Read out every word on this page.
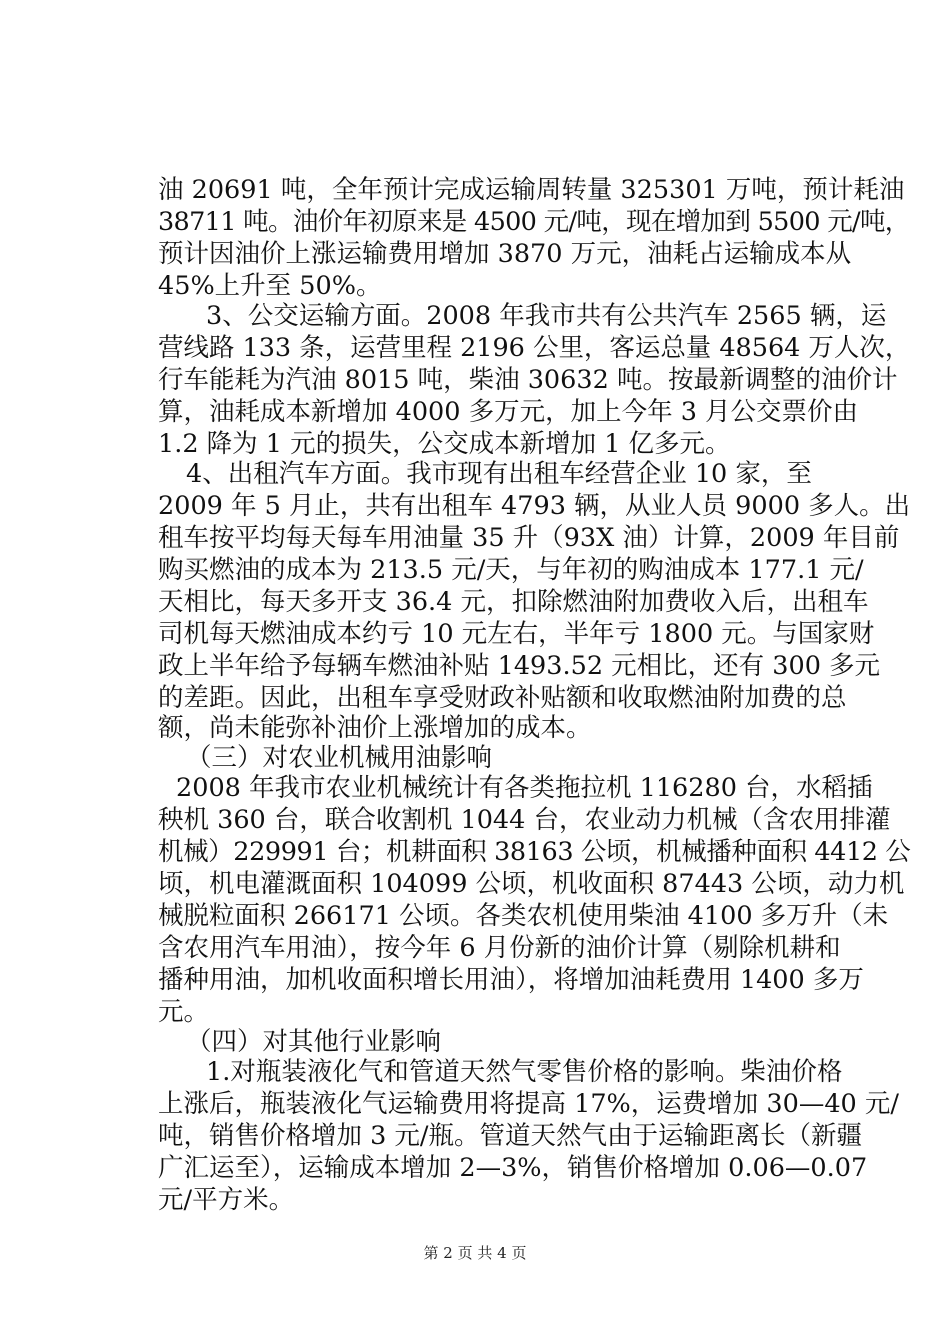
油 20691 吨，全年预计完成运输周转量 325301 万吨，预计耗油
38711 吨。油价年初原来是 4500 元/吨，现在增加到 5500 元/吨，
预计因油价上涨运输费用增加 3870 万元，油耗占运输成本从
45%上升至 50%。
3、公交运输方面。2008 年我市共有公共汽车 2565 辆，运
营线路 133 条，运营里程 2196 公里，客运总量 48564 万人次，
行车能耗为汽油 8015 吨，柴油 30632 吨。按最新调整的油价计
算，油耗成本新增加 4000 多万元，加上今年 3 月公交票价由
1.2 降为 1 元的损失，公交成本新增加 1 亿多元。
4、出租汽车方面。我市现有出租车经营企业 10 家，至
2009 年 5 月止，共有出租车 4793 辆，从业人员 9000 多人。出
租车按平均每天每车用油量 35 升（93X 油）计算，2009 年目前
购买燃油的成本为 213.5 元/天，与年初的购油成本 177.1 元/
天相比，每天多开支 36.4 元，扣除燃油附加费收入后，出租车
司机每天燃油成本约亏 10 元左右，半年亏 1800 元。与国家财
政上半年给予每辆车燃油补贴 1493.52 元相比，还有 300 多元
的差距。因此，出租车享受财政补贴额和收取燃油附加费的总
额，尚未能弥补油价上涨增加的成本。
（三）对农业机械用油影响
2008 年我市农业机械统计有各类拖拉机 116280 台，水稻插
秧机 360 台，联合收割机 1044 台，农业动力机械（含农用排灌
机械）229991 台；机耕面积 38163 公顷，机械播种面积 4412 公
顷，机电灌溉面积 104099 公顷，机收面积 87443 公顷，动力机
械脱粒面积 266171 公顷。各类农机使用柴油 4100 多万升（未
含农用汽车用油），按今年 6 月份新的油价计算（剔除机耕和
播种用油，加机收面积增长用油），将增加油耗费用 1400 多万
元。
（四）对其他行业影响
1.对瓶装液化气和管道天然气零售价格的影响。柴油价格
上涨后，瓶装液化气运输费用将提高 17%，运费增加 30—40 元/
吨，销售价格增加 3 元/瓶。管道天然气由于运输距离长（新疆
广汇运至），运输成本增加 2—3%，销售价格增加 0.06—0.07
元/平方米。
第 2 页 共 4 页
